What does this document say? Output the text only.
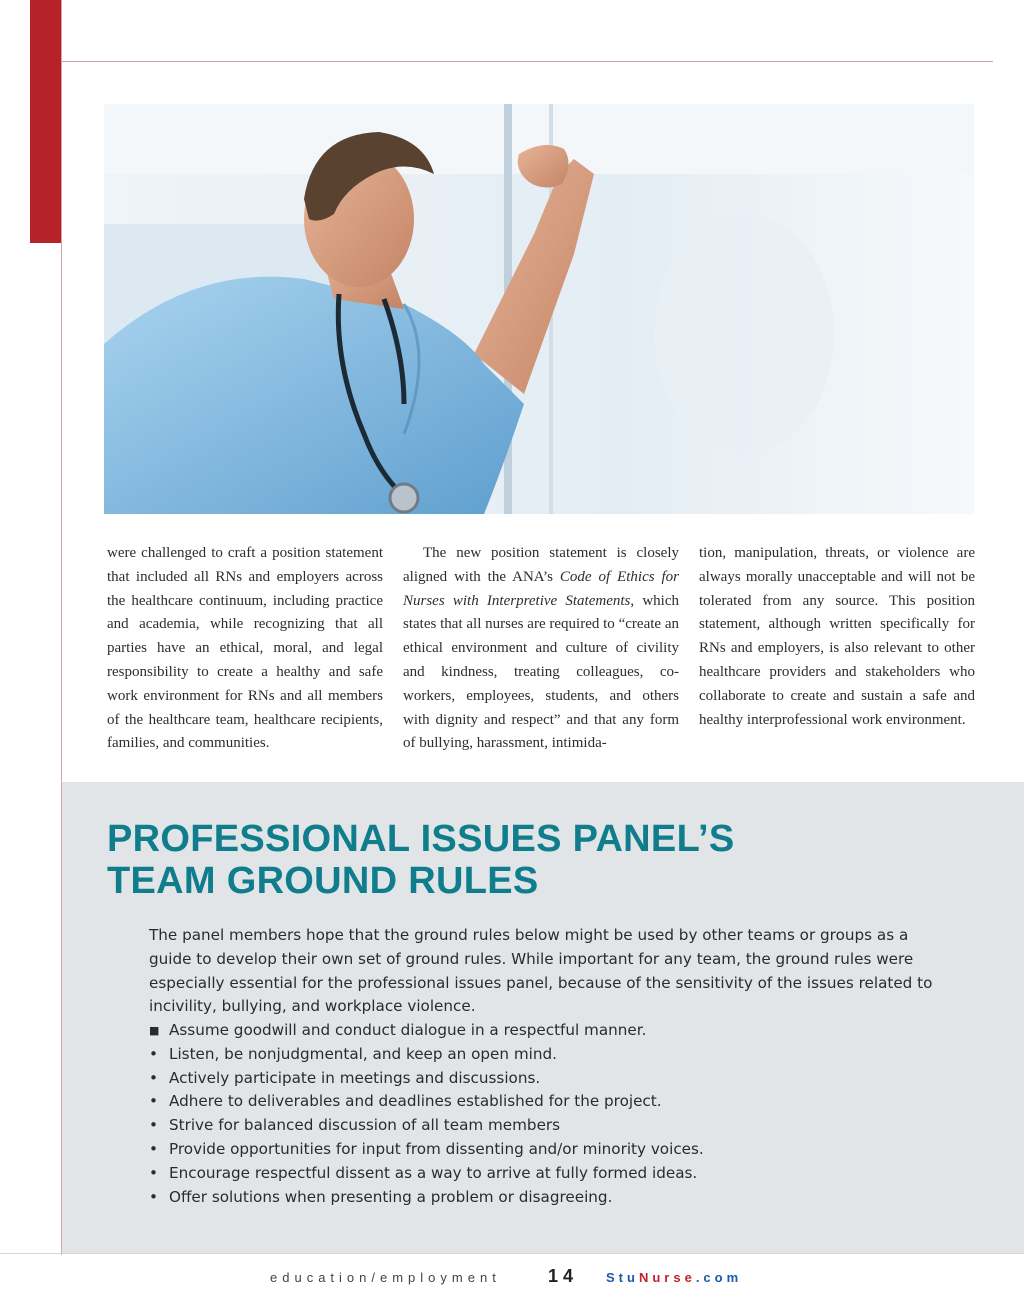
were challenged to craft a position statement that included all RNs and employers across the healthcare continuum, including practice and academia, while recognizing that all parties have an ethical, moral, and legal responsibility to create a healthy and safe work environment for RNs and all members of the healthcare team, healthcare recipients, families, and communities.
The new position statement is closely aligned with the ANA’s Code of Ethics for Nurses with Interpretive Statements, which states that all nurses are required to “create an ethical environment and culture of civility and kindness, treating colleagues, co-workers, employees, students, and others with dignity and respect” and that any form of bullying, harassment, intimida-
tion, manipulation, threats, or violence are always morally unacceptable and will not be tolerated from any source. This position statement, although written specifically for RNs and employers, is also relevant to other healthcare providers and stakeholders who collaborate to create and sustain a safe and healthy interprofessional work environment.
PROFESSIONAL ISSUES PANEL’S
TEAM GROUND RULES

The panel members hope that the ground rules below might be used by other teams or groups as a guide to develop their own set of ground rules. While important for any team, the ground rules were especially essential for the professional issues panel, because of the sensitivity of the issues related to incivility, bullying, and workplace violence.

■ Assume goodwill and conduct dialogue in a respectful manner.
• Listen, be nonjudgmental, and keep an open mind.
• Actively participate in meetings and discussions.
• Adhere to deliverables and deadlines established for the project.
• Strive for balanced discussion of all team members
• Provide opportunities for input from dissenting and/or minority voices.
• Encourage respectful dissent as a way to arrive at fully formed ideas.
• Offer solutions when presenting a problem or disagreeing.
education/employment	14 StuNurse.com
